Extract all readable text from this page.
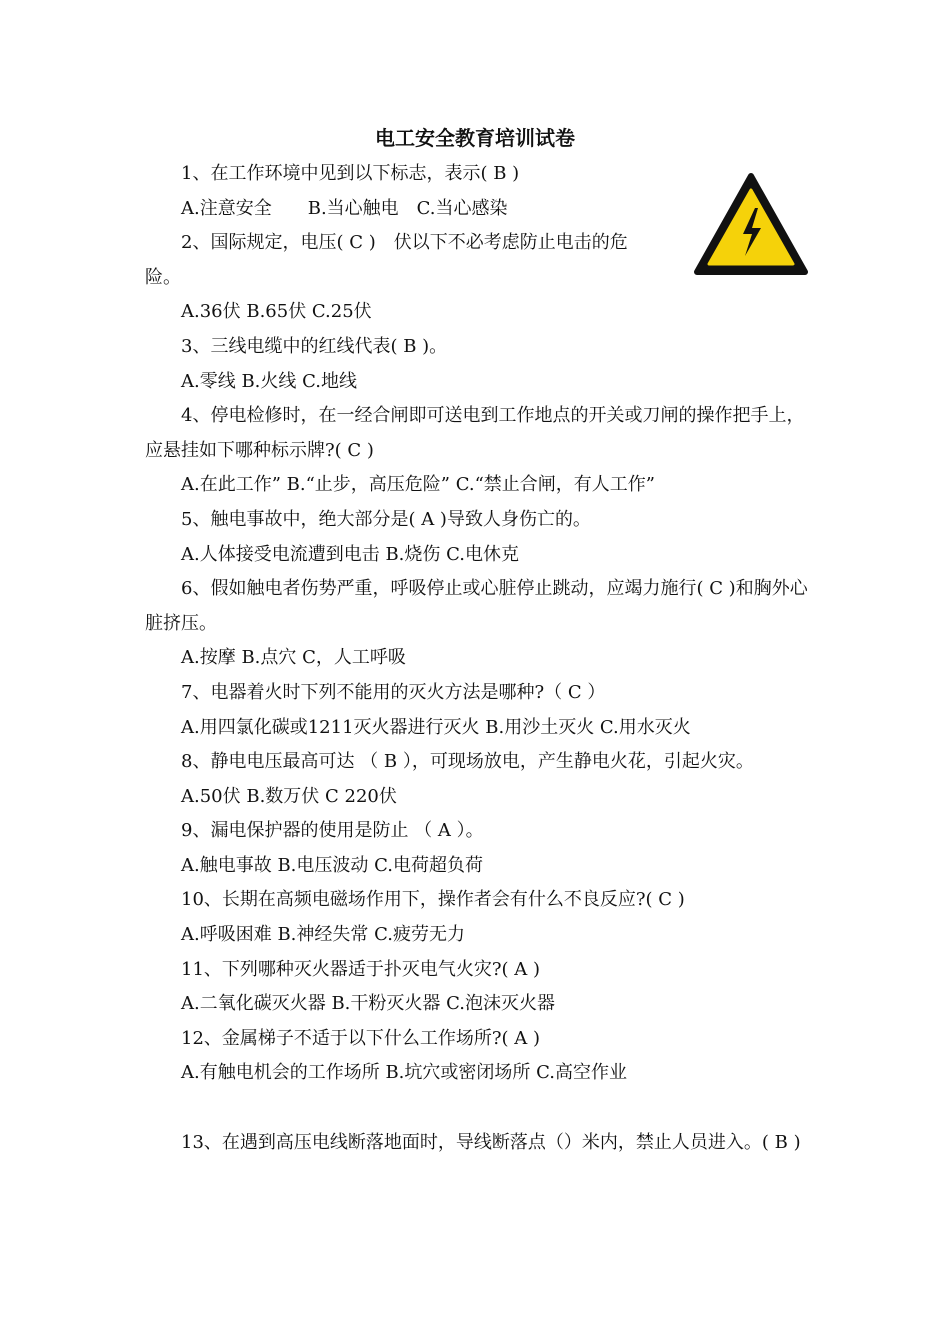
电工安全教育培训试卷
1、在工作环境中见到以下标志，表示( B )
A.注意安全　　B.当心触电　C.当心感染
2、国际规定，电压( C )　伏以下不必考虑防止电击的危
险。
A.36伏 B.65伏 C.25伏
3、三线电缆中的红线代表( B )。
A.零线 B.火线 C.地线
4、停电检修时，在一经合闸即可送电到工作地点的开关或刀闸的操作把手上，应悬挂如下哪种标示牌?( C )
A.在此工作” B.“止步，高压危险” C.“禁止合闸，有人工作”
5、触电事故中，绝大部分是( A )导致人身伤亡的。
A.人体接受电流遭到电击 B.烧伤 C.电休克
6、假如触电者伤势严重，呼吸停止或心脏停止跳动，应竭力施行( C )和胸外心脏挤压。
A.按摩 B.点穴 C，人工呼吸
7、电器着火时下列不能用的灭火方法是哪种?（ C ）
A.用四氯化碳或1211灭火器进行灭火 B.用沙土灭火 C.用水灭火
8、静电电压最高可达 （ B ），可现场放电，产生静电火花，引起火灾。
A.50伏 B.数万伏 C 220伏
9、漏电保护器的使用是防止 （ A ）。
A.触电事故 B.电压波动 C.电荷超负荷
10、长期在高频电磁场作用下，操作者会有什么不良反应?( C )
A.呼吸困难 B.神经失常 C.疲劳无力
11、下列哪种灭火器适于扑灭电气火灾?( A )
A.二氧化碳灭火器 B.干粉灭火器 C.泡沫灭火器
12、金属梯子不适于以下什么工作场所?( A )
A.有触电机会的工作场所 B.坑穴或密闭场所 C.高空作业
13、在遇到高压电线断落地面时，导线断落点（）米内，禁止人员进入。( B )
